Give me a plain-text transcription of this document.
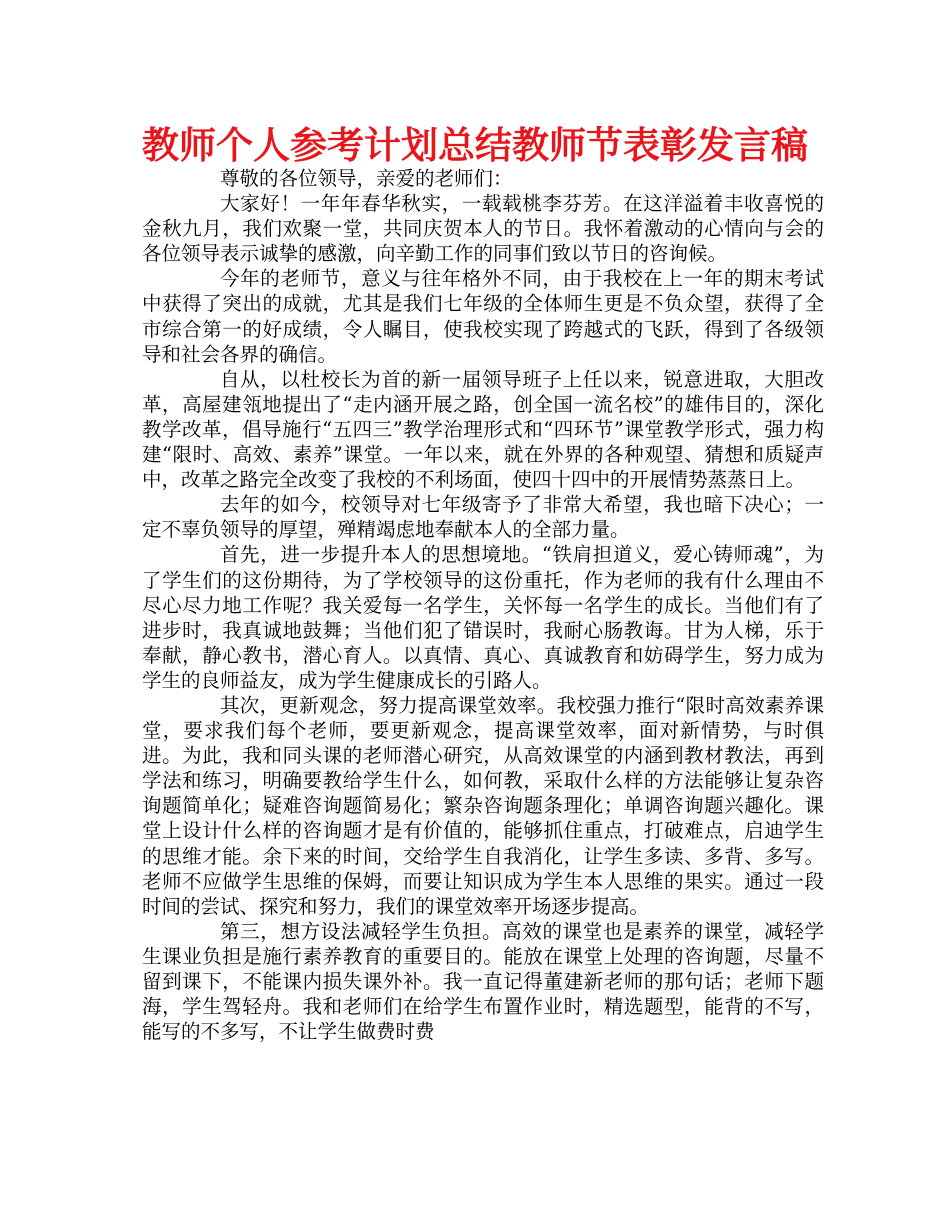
教师个人参考计划总结教师节表彰发言稿

尊敬的各位领导，亲爱的老师们：

大家好！一年年春华秋实，一载载桃李芬芳。在这洋溢着丰收喜悦的金秋九月，我们欢聚一堂，共同庆贺本人的节日。我怀着激动的心情向与会的各位领导表示诚挚的感激，向辛勤工作的同事们致以节日的咨询候。

今年的老师节，意义与往年格外不同，由于我校在上一年的期末考试中获得了突出的成就，尤其是我们七年级的全体师生更是不负众望，获得了全市综合第一的好成绩，令人瞩目，使我校实现了跨越式的飞跃，得到了各级领导和社会各界的确信。

自从，以杜校长为首的新一届领导班子上任以来，锐意进取，大胆改革，高屋建瓴地提出了“走内涵开展之路，创全国一流名校”的雄伟目的，深化教学改革，倡导施行“五四三”教学治理形式和“四环节”课堂教学形式，强力构建“限时、高效、素养”课堂。一年以来，就在外界的各种观望、猜想和质疑声中，改革之路完全改变了我校的不利场面，使四十四中的开展情势蒸蒸日上。

去年的如今，校领导对七年级寄予了非常大希望，我也暗下决心；一定不辜负领导的厚望，殚精竭虑地奉献本人的全部力量。

首先，进一步提升本人的思想境地。“铁肩担道义，爱心铸师魂”，为了学生们的这份期待，为了学校领导的这份重托，作为老师的我有什么理由不尽心尽力地工作呢？我关爱每一名学生，关怀每一名学生的成长。当他们有了进步时，我真诚地鼓舞；当他们犯了错误时，我耐心肠教诲。甘为人梯，乐于奉献，静心教书，潜心育人。以真情、真心、真诚教育和妨碍学生，努力成为学生的良师益友，成为学生健康成长的引路人。

其次，更新观念，努力提高课堂效率。我校强力推行“限时高效素养课堂，要求我们每个老师，要更新观念，提高课堂效率，面对新情势，与时俱进。为此，我和同头课的老师潜心研究，从高效课堂的内涵到教材教法，再到学法和练习，明确要教给学生什么，如何教，采取什么样的方法能够让复杂咨询题简单化；疑难咨询题简易化；繁杂咨询题条理化；单调咨询题兴趣化。课堂上设计什么样的咨询题才是有价值的，能够抓住重点，打破难点，启迪学生的思维才能。余下来的时间，交给学生自我消化，让学生多读、多背、多写。老师不应做学生思维的保姆，而要让知识成为学生本人思维的果实。通过一段时间的尝试、探究和努力，我们的课堂效率开场逐步提高。

第三，想方设法减轻学生负担。高效的课堂也是素养的课堂，减轻学生课业负担是施行素养教育的重要目的。能放在课堂上处理的咨询题，尽量不留到课下，不能课内损失课外补。我一直记得董建新老师的那句话；老师下题海，学生驾轻舟。我和老师们在给学生布置作业时，精选题型，能背的不写，能写的不多写，不让学生做费时费
